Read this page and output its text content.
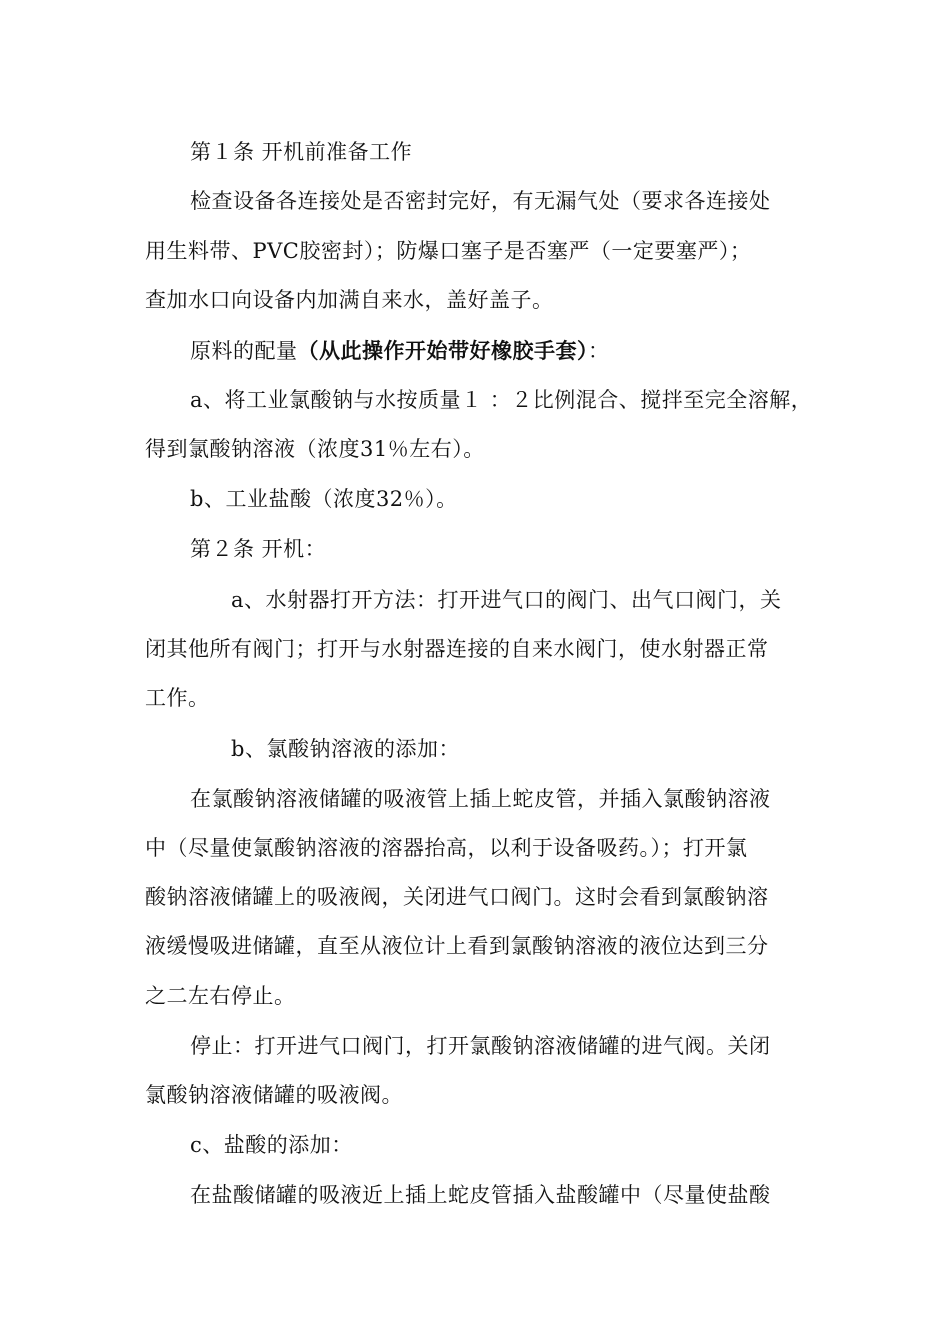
第１条 开机前准备工作
检查设备各连接处是否密封完好，有无漏气处（要求各连接处
用生料带、PVC胶密封）；防爆口塞子是否塞严（一定要塞严）；
查加水口向设备内加满自来水，盖好盖子。
原料的配量（从此操作开始带好橡胶手套）：
a、将工业氯酸钠与水按质量１ ：２比例混合、搅拌至完全溶解，
得到氯酸钠溶液（浓度31％左右）。
b、工业盐酸（浓度32％）。
第２条 开机：
a、水射器打开方法：打开进气口的阀门、出气口阀门，关
闭其他所有阀门；打开与水射器连接的自来水阀门，使水射器正常
工作。
b、氯酸钠溶液的添加：
在氯酸钠溶液储罐的吸液管上插上蛇皮管，并插入氯酸钠溶液
中（尽量使氯酸钠溶液的溶器抬高，以利于设备吸药。）；打开氯
酸钠溶液储罐上的吸液阀，关闭进气口阀门。这时会看到氯酸钠溶
液缓慢吸进储罐，直至从液位计上看到氯酸钠溶液的液位达到三分
之二左右停止。
停止：打开进气口阀门，打开氯酸钠溶液储罐的进气阀。关闭
氯酸钠溶液储罐的吸液阀。
c、盐酸的添加：
在盐酸储罐的吸液近上插上蛇皮管插入盐酸罐中（尽量使盐酸
